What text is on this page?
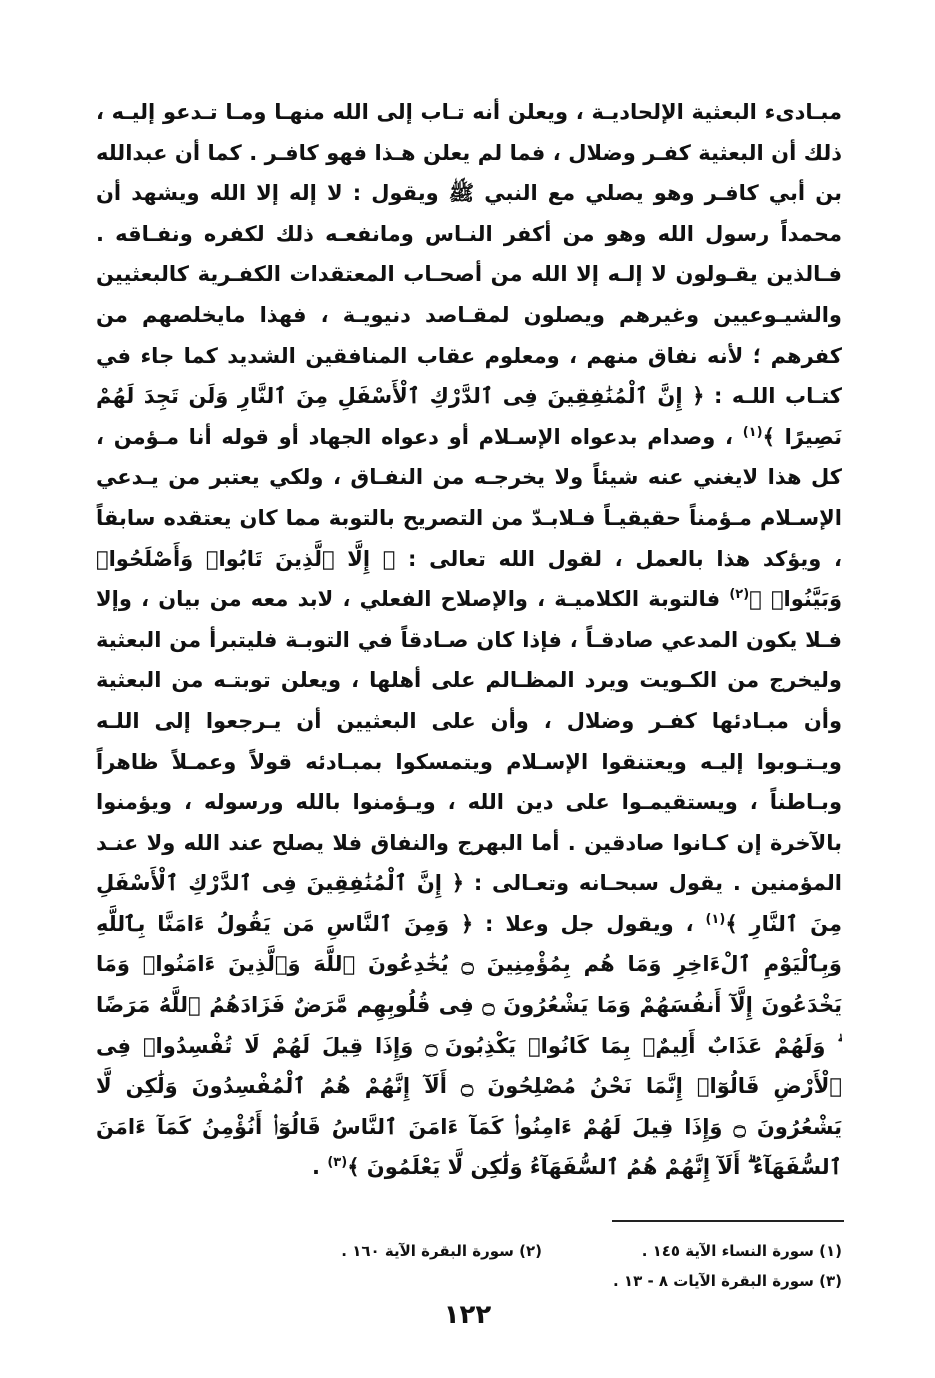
مبـادىء البعثية الإلحاديـة ، ويعلن أنه تـاب إلى الله منهـا ومـا تـدعو إليـه ، ذلك أن البعثية كفـر وضلال ، فما لم يعلن هـذا فهو كافـر . كما أن عبدالله بن أبي كافـر وهو يصلي مع النبي ﷺ ويقول : لا إله إلا الله ويشهد أن محمداً رسول الله وهو من أكفر النـاس ومانفعـه ذلك لكفره ونفـاقه . فـالذين يقـولون لا إلـه إلا الله من أصحـاب المعتقدات الكفـرية كالبعثيين والشيـوعيين وغيرهم ويصلون لمقـاصد دنيويـة ، فهذا مايخلصهم من كفرهم ؛ لأنه نفاق منهم ، ومعلوم عقاب المنافقين الشديد كما جاء في كتـاب اللـه : ﴿ إِنَّ ٱلْمُنَٰفِقِينَ فِى ٱلدَّرْكِ ٱلْأَسْفَلِ مِنَ ٱلنَّارِ وَلَن تَجِدَ لَهُمْ نَصِيرًا ﴾$^{(١)}$ ، وصدام بدعواه الإسـلام أو دعواه الجهاد أو قوله أنا مـؤمن ، كل هذا لايغني عنه شيئاً ولا يخرجـه من النفـاق ، ولكي يعتبر من يـدعي الإسـلام مـؤمناً حقيقيـاً فـلابـدّ من التصريح بالتوبة مما كان يعتقده سابقاً ، ويؤكد هذا بالعمل ، لقول الله تعالى : ﴿ إِلَّا ٱلَّذِينَ تَابُوا۟ وَأَصْلَحُوا۟ وَبَيَّنُوا۟ ﴾$^{(٢)}$ فالتوبة الكلاميـة ، والإصلاح الفعلي ، لابد معه من بيان ، وإلا فـلا يكون المدعي صادقـاً ، فإذا كان صـادقاً في التوبـة فليتبرأ من البعثية وليخرج من الكـويت ويرد المظـالم على أهلها ، ويعلن توبتـه من البعثية وأن مبـادئها كفـر وضلال ، وأن على البعثيين أن يـرجعوا إلى اللـه ويـتـوبوا إليـه ويعتنقوا الإسـلام ويتمسكوا بمبـادئه قولاً وعمـلاً ظاهراً وبـاطناً ، ويستقيمـوا على دين الله ، ويـؤمنوا بالله ورسوله ، ويؤمنوا بالآخرة إن كـانوا صادقين . أما البهرج والنفاق فلا يصلح عند الله ولا عنـد المؤمنين . يقول سبحـانه وتعـالى : ﴿ إِنَّ ٱلْمُنَٰفِقِينَ فِى ٱلدَّرْكِ ٱلْأَسْفَلِ مِنَ ٱلنَّارِ ﴾$^{(١)}$ ، ويقول جل وعلا : ﴿ وَمِنَ ٱلنَّاسِ مَن يَقُولُ ءَامَنَّا بِٱللَّهِ وَبِٱلْيَوْمِ ٱلْءَاخِرِ وَمَا هُم بِمُؤْمِنِينَ ۝ يُخَٰدِعُونَ ٱللَّهَ وَٱلَّذِينَ ءَامَنُوا۟ وَمَا يَخْدَعُونَ إِلَّآ أَنفُسَهُمْ وَمَا يَشْعُرُونَ ۝ فِى قُلُوبِهِم مَّرَضٌ فَزَادَهُمُ ٱللَّهُ مَرَضًا ۖ وَلَهُمْ عَذَابٌ أَلِيمٌۢ بِمَا كَانُوا۟ يَكْذِبُونَ ۝ وَإِذَا قِيلَ لَهُمْ لَا تُفْسِدُوا۟ فِى ٱلْأَرْضِ قَالُوٓا۟ إِنَّمَا نَحْنُ مُصْلِحُونَ ۝ أَلَآ إِنَّهُمْ هُمُ ٱلْمُفْسِدُونَ وَلَٰكِن لَّا يَشْعُرُونَ ۝ وَإِذَا قِيلَ لَهُمْ ءَامِنُوا۟ كَمَآ ءَامَنَ ٱلنَّاسُ قَالُوٓا۟ أَنُؤْمِنُ كَمَآ ءَامَنَ ٱلسُّفَهَآءُ ۗ أَلَآ إِنَّهُمْ هُمُ ٱلسُّفَهَآءُ وَلَٰكِن لَّا يَعْلَمُونَ ﴾$^{(٣)}$ .

(١) سورة النساء الآية ١٤٥ .
(٢) سورة البقرة الآية ١٦٠ .
(٣) سورة البقرة الآيات ٨ - ١٣ .
١٢٢
